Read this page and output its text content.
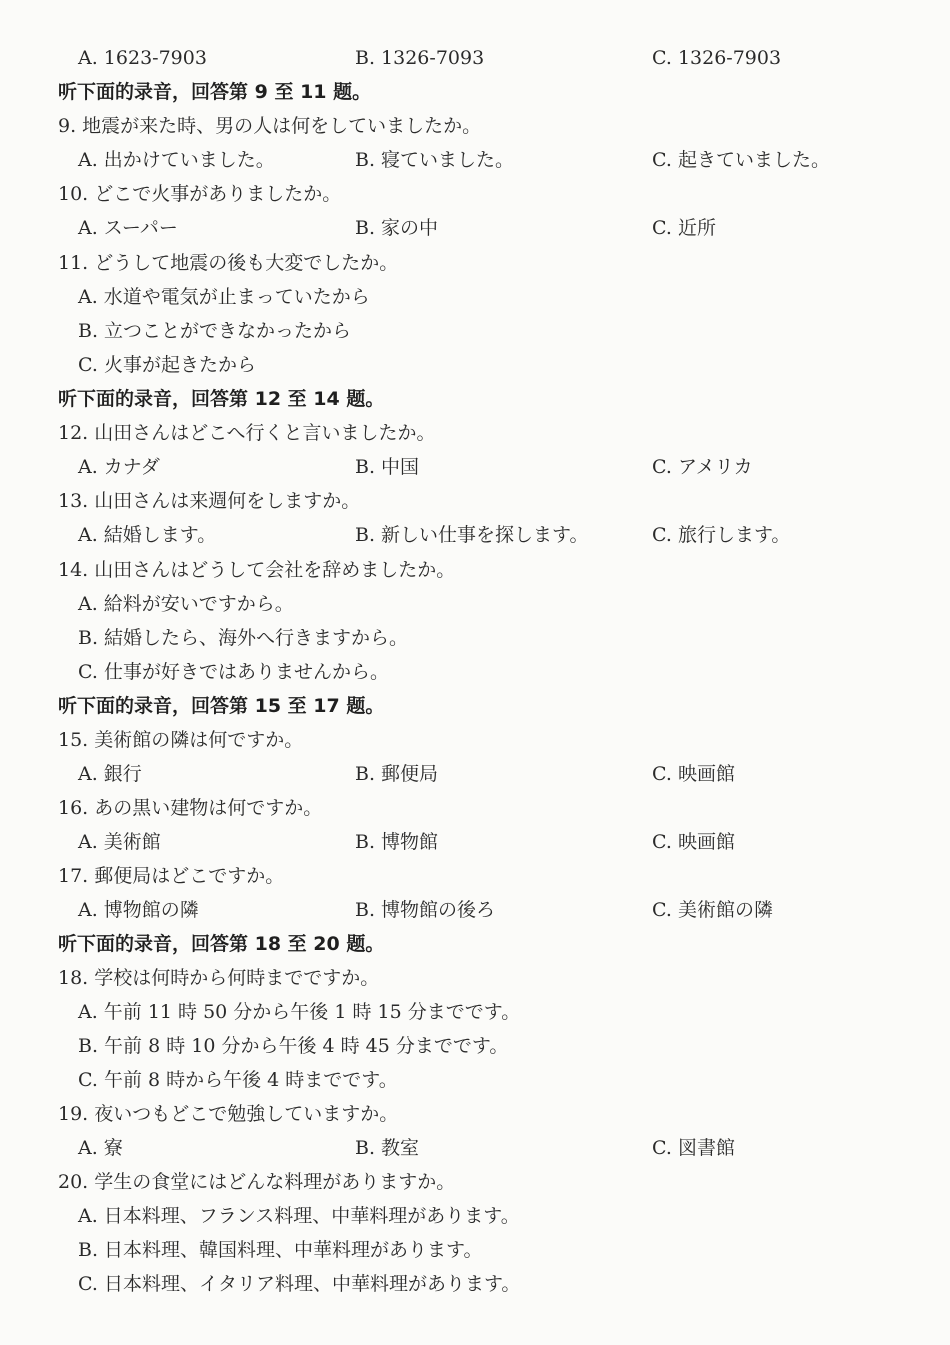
A. 1623-7903	B. 1326-7093	C. 1326-7903
听下面的录音，回答第 9 至 11 题。
9. 地震が来た時、男の人は何をしていましたか。
A. 出かけていました。	B. 寝ていました。	C. 起きていました。
10. どこで火事がありましたか。
A. スーパー	B. 家の中	C. 近所
11. どうして地震の後も大変でしたか。
A. 水道や電気が止まっていたから
B. 立つことができなかったから
C. 火事が起きたから
听下面的录音，回答第 12 至 14 题。
12. 山田さんはどこへ行くと言いましたか。
A. カナダ	B. 中国	C. アメリカ
13. 山田さんは来週何をしますか。
A. 結婚します。	B. 新しい仕事を探します。	C. 旅行します。
14. 山田さんはどうして会社を辞めましたか。
A. 給料が安いですから。
B. 結婚したら、海外へ行きますから。
C. 仕事が好きではありませんから。
听下面的录音，回答第 15 至 17 题。
15. 美術館の隣は何ですか。
A. 銀行	B. 郵便局	C. 映画館
16. あの黒い建物は何ですか。
A. 美術館	B. 博物館	C. 映画館
17. 郵便局はどこですか。
A. 博物館の隣	B. 博物館の後ろ	C. 美術館の隣
听下面的录音，回答第 18 至 20 题。
18. 学校は何時から何時までですか。
A. 午前 11 時 50 分から午後 1 時 15 分までです。
B. 午前 8 時 10 分から午後 4 時 45 分までです。
C. 午前 8 時から午後 4 時までです。
19. 夜いつもどこで勉強していますか。
A. 寮	B. 教室	C. 図書館
20. 学生の食堂にはどんな料理がありますか。
A. 日本料理、フランス料理、中華料理があります。
B. 日本料理、韓国料理、中華料理があります。
C. 日本料理、イタリア料理、中華料理があります。
